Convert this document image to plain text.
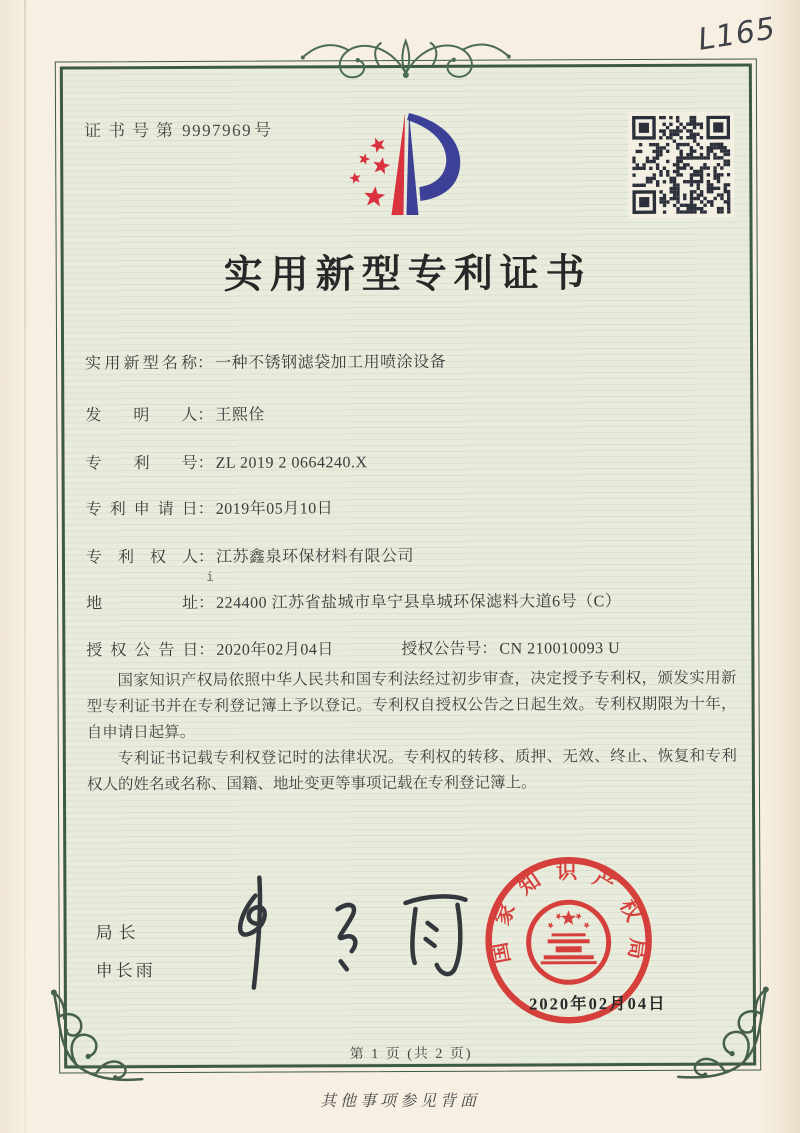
L165
证书号第 9997969 号
实用新型专利证书
实用新型名称： 一种不锈钢滤袋加工用喷涂设备
发明人： 王熙佺
专利号： ZL 2019 2 0664240.X
专利申请日： 2019年05月10日
专利权人： 江苏鑫泉环保材料有限公司
i
地址： 224400 江苏省盐城市阜宁县阜城环保滤料大道6号（C）
授权公告日： 2020年02月04日	授权公告号： CN 210010093 U

国家知识产权局依照中华人民共和国专利法经过初步审查，决定授予专利权，颁发实用新型专利证书并在专利登记簿上予以登记。专利权自授权公告之日起生效。专利权期限为十年，自申请日起算。

专利证书记载专利权登记时的法律状况。专利权的转移、质押、无效、终止、恢复和专利权人的姓名或名称、国籍、地址变更等事项记载在专利登记簿上。

局长
申长雨
国家知识产权局
2020年02月04日
第 1 页 (共 2 页)
其他事项参见背面
